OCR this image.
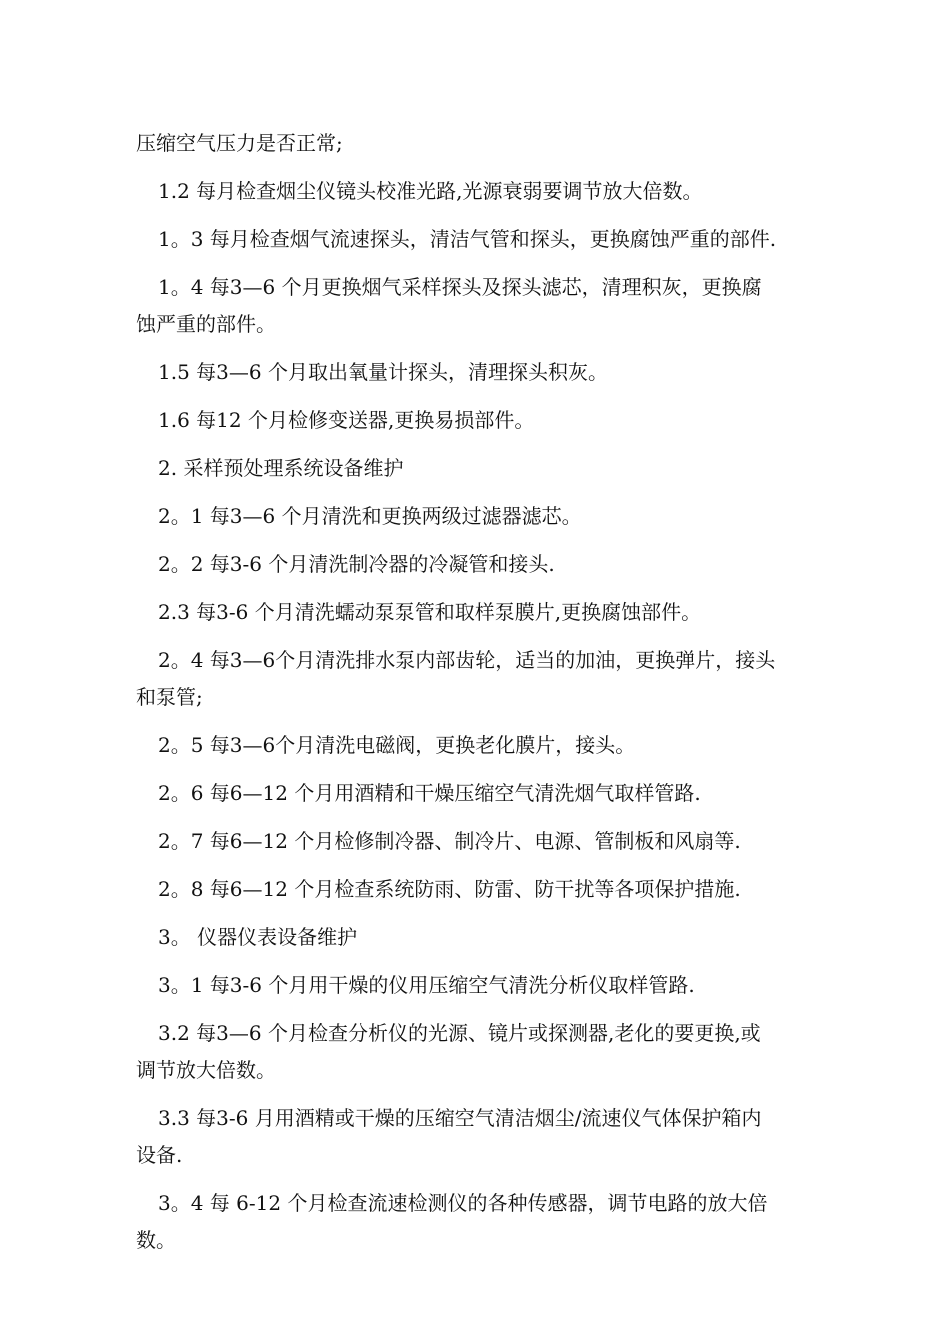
压缩空气压力是否正常;
1.2 每月检查烟尘仪镜头校准光路,光源衰弱要调节放大倍数。
1。3 每月检查烟气流速探头，清洁气管和探头，更换腐蚀严重的部件.
1。4 每3—6 个月更换烟气采样探头及探头滤芯，清理积灰，更换腐
蚀严重的部件。
1.5 每3—6 个月取出氧量计探头，清理探头积灰。
1.6 每12 个月检修变送器,更换易损部件。
2. 采样预处理系统设备维护
2。1 每3—6 个月清洗和更换两级过滤器滤芯。
2。2 每3-6 个月清洗制冷器的冷凝管和接头.
2.3 每3-6 个月清洗蠕动泵泵管和取样泵膜片,更换腐蚀部件。
2。4 每3—6个月清洗排水泵内部齿轮，适当的加油，更换弹片，接头
和泵管;
2。5 每3—6个月清洗电磁阀，更换老化膜片，接头。
2。6 每6—12 个月用酒精和干燥压缩空气清洗烟气取样管路.
2。7 每6—12 个月检修制冷器、制冷片、电源、管制板和风扇等.
2。8 每6—12 个月检查系统防雨、防雷、防干扰等各项保护措施.
3。 仪器仪表设备维护
3。1 每3-6 个月用干燥的仪用压缩空气清洗分析仪取样管路.
3.2 每3—6 个月检查分析仪的光源、镜片或探测器,老化的要更换,或
调节放大倍数。
3.3 每3-6 月用酒精或干燥的压缩空气清洁烟尘/流速仪气体保护箱内
设备.
3。4 每 6-12 个月检查流速检测仪的各种传感器，调节电路的放大倍
数。
